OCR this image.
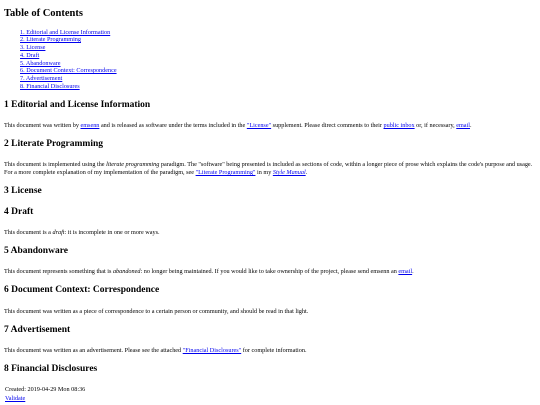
Table of Contents
1. Editorial and License Information
2. Literate Programming
3. License
4. Draft
5. Abandonware
6. Document Context: Correspondence
7. Advertisement
8. Financial Disclosures
1 Editorial and License Information

This document was written by emsenn and is released as software under the terms included in the "License" supplement. Please direct comments to their public inbox or, if necessary, email.

2 Literate Programming

This document is implemented using the literate programming paradigm. The "software" being presented is included as sections of code, within a longer piece of prose which explains the code's purpose and usage. For a more complete explanation of my implementation of the paradigm, see "Literate Programming" in my Style Manual.

3 License
4 Draft

This document is a draft: it is incomplete in one or more ways.

5 Abandonware

This document represents something that is abandoned: no longer being maintained. If you would like to take ownership of the project, please send emsenn an email.

6 Document Context: Correspondence

This document was written as a piece of correspondence to a certain person or community, and should be read in that light.

7 Advertisement

This document was written as an advertisement. Please see the attached "Financial Disclosures" for complete information.

8 Financial Disclosures
Created: 2019-04-29 Mon 08:36
Validate
